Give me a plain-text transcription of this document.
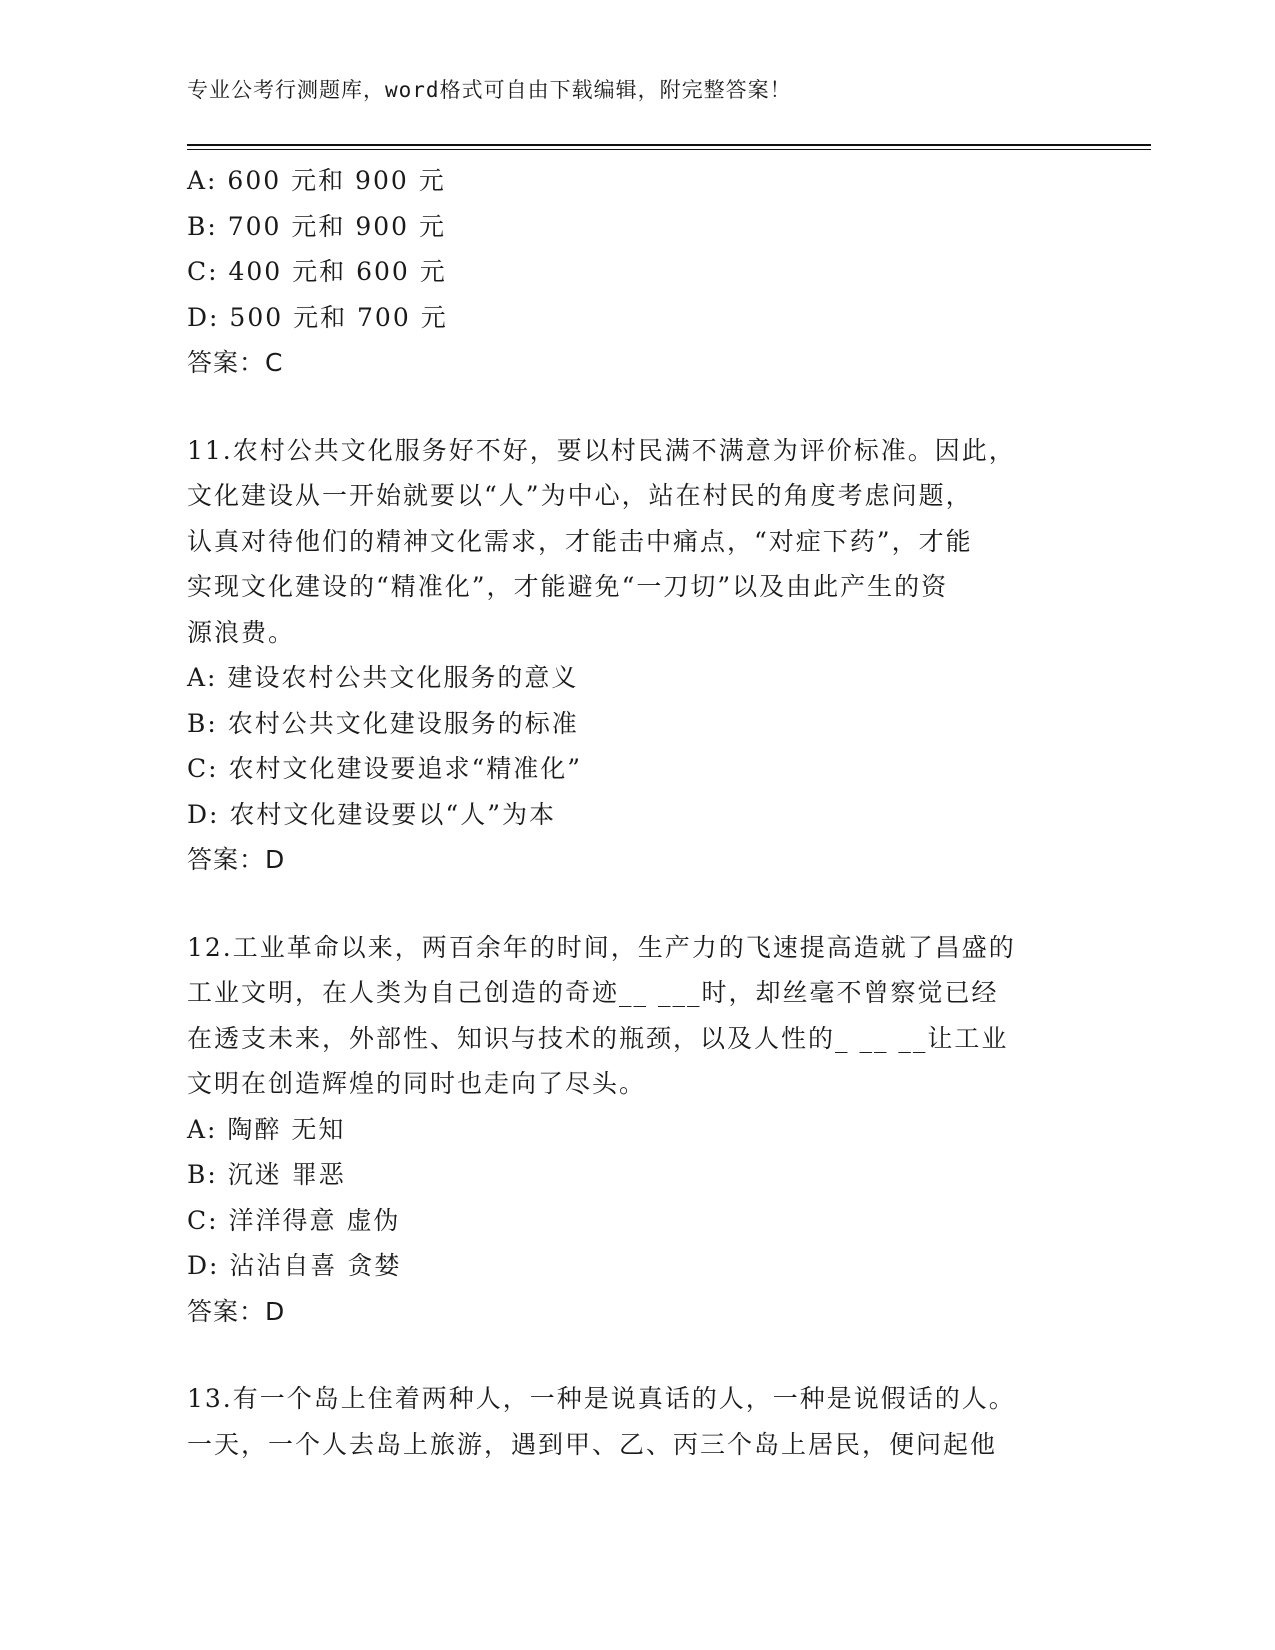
专业公考行测题库，word格式可自由下载编辑，附完整答案！
A: 600 元和 900 元
B: 700 元和 900 元
C: 400 元和 600 元
D: 500 元和 700 元
答案：C
11.农村公共文化服务好不好，要以村民满不满意为评价标准。因此，
文化建设从一开始就要以“人”为中心，站在村民的角度考虑问题，
认真对待他们的精神文化需求，才能击中痛点，“对症下药”，才能
实现文化建设的“精准化”，才能避免“一刀切”以及由此产生的资
源浪费。
A: 建设农村公共文化服务的意义
B: 农村公共文化建设服务的标准
C: 农村文化建设要追求“精准化”
D: 农村文化建设要以“人”为本
答案：D
12.工业革命以来，两百余年的时间，生产力的飞速提高造就了昌盛的
工业文明，在人类为自己创造的奇迹__ ___时，却丝毫不曾察觉已经
在透支未来，外部性、知识与技术的瓶颈，以及人性的_ __ __让工业
文明在创造辉煌的同时也走向了尽头。
A: 陶醉 无知
B: 沉迷 罪恶
C: 洋洋得意 虚伪
D: 沾沾自喜 贪婪
答案：D
13.有一个岛上住着两种人，一种是说真话的人，一种是说假话的人。
一天，一个人去岛上旅游，遇到甲、乙、丙三个岛上居民，便问起他
